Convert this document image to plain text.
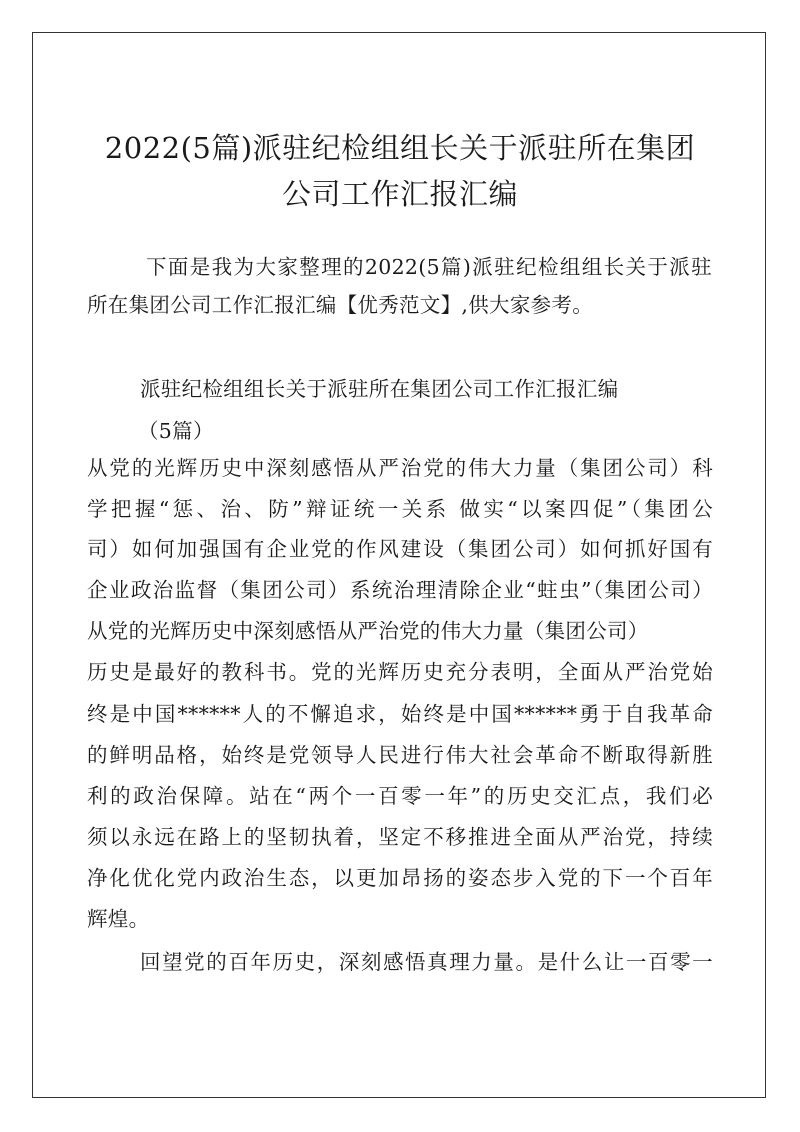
2022(5篇)派驻纪检组组长关于派驻所在集团
公司工作汇报汇编
下面是我为大家整理的2022(5篇)派驻纪检组组长关于派驻
所在集团公司工作汇报汇编【优秀范文】,供大家参考。
派驻纪检组组长关于派驻所在集团公司工作汇报汇编
（5篇）
从党的光辉历史中深刻感悟从严治党的伟大力量（集团公司）科
学把握“惩、治、防”辩证统一关系 做实“以案四促”（集团公
司）如何加强国有企业党的作风建设（集团公司）如何抓好国有
企业政治监督（集团公司）系统治理清除企业“蛀虫”（集团公司）
从党的光辉历史中深刻感悟从严治党的伟大力量（集团公司）
历史是最好的教科书。党的光辉历史充分表明，全面从严治党始
终是中国******人的不懈追求，始终是中国******勇于自我革命
的鲜明品格，始终是党领导人民进行伟大社会革命不断取得新胜
利的政治保障。站在“两个一百零一年”的历史交汇点，我们必
须以永远在路上的坚韧执着，坚定不移推进全面从严治党，持续
净化优化党内政治生态，以更加昂扬的姿态步入党的下一个百年
辉煌。
回望党的百年历史，深刻感悟真理力量。是什么让一百零一
